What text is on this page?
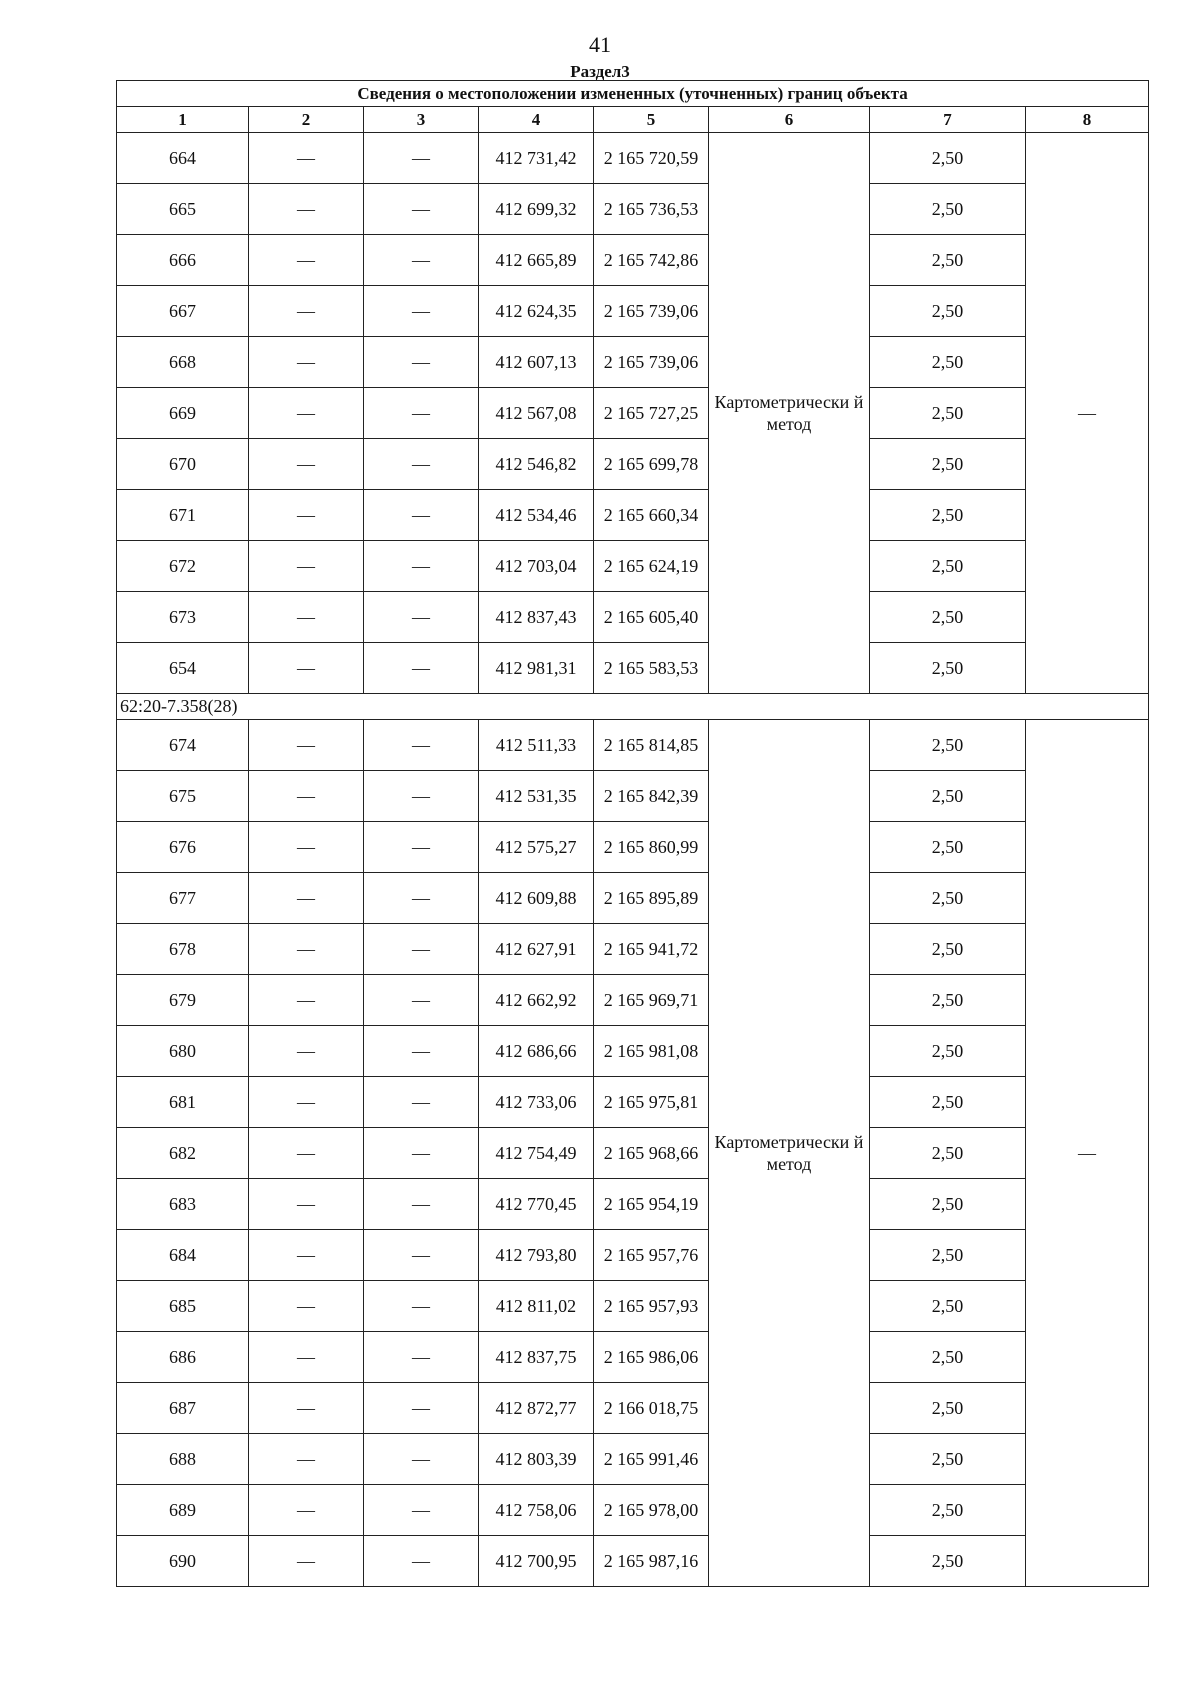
41
Раздел3
Сведения о местоположении измененных (уточненных) границ объекта							
1	2	3	4	5	6	7	8
664	—	—	412 731,42	2 165 720,59	Картометрически й метод	2,50	—
665	—	—	412 699,32	2 165 736,53		2,50	
666	—	—	412 665,89	2 165 742,86		2,50	
667	—	—	412 624,35	2 165 739,06		2,50	
668	—	—	412 607,13	2 165 739,06		2,50	
669	—	—	412 567,08	2 165 727,25		2,50	
670	—	—	412 546,82	2 165 699,78		2,50	
671	—	—	412 534,46	2 165 660,34		2,50	
672	—	—	412 703,04	2 165 624,19		2,50	
673	—	—	412 837,43	2 165 605,40		2,50	
654	—	—	412 981,31	2 165 583,53		2,50	
62:20-7.358(28)							
674	—	—	412 511,33	2 165 814,85	Картометрически й метод	2,50	—
675	—	—	412 531,35	2 165 842,39		2,50	
676	—	—	412 575,27	2 165 860,99		2,50	
677	—	—	412 609,88	2 165 895,89		2,50	
678	—	—	412 627,91	2 165 941,72		2,50	
679	—	—	412 662,92	2 165 969,71		2,50	
680	—	—	412 686,66	2 165 981,08		2,50	
681	—	—	412 733,06	2 165 975,81		2,50	
682	—	—	412 754,49	2 165 968,66		2,50	
683	—	—	412 770,45	2 165 954,19		2,50	
684	—	—	412 793,80	2 165 957,76		2,50	
685	—	—	412 811,02	2 165 957,93		2,50	
686	—	—	412 837,75	2 165 986,06		2,50	
687	—	—	412 872,77	2 166 018,75		2,50	
688	—	—	412 803,39	2 165 991,46		2,50	
689	—	—	412 758,06	2 165 978,00		2,50	
690	—	—	412 700,95	2 165 987,16		2,50	
